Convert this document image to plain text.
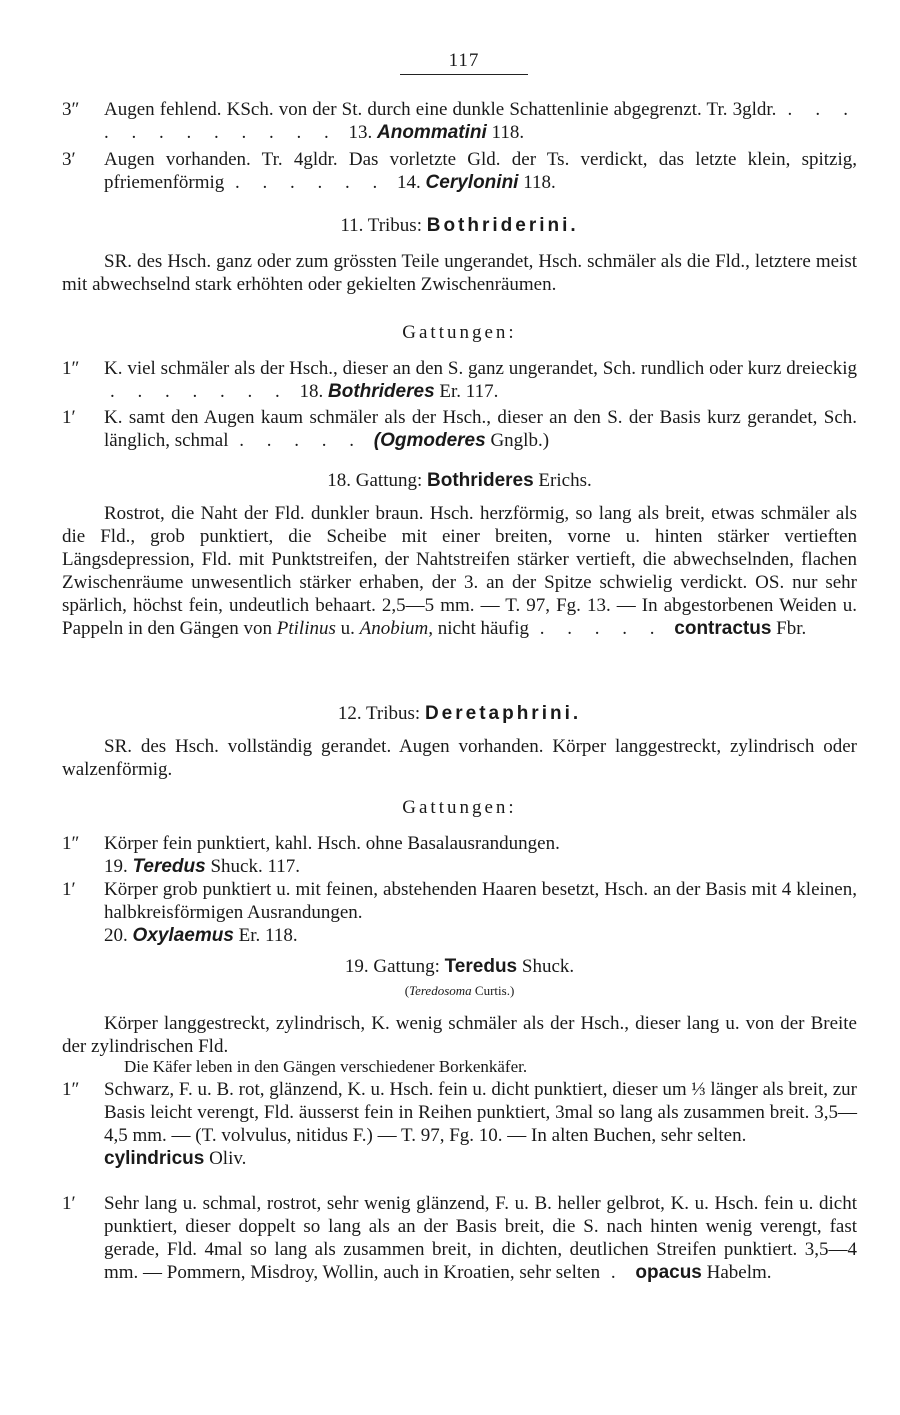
117
3″	Augen fehlend. KSch. von der St. durch eine dunkle Schattenlinie abgegrenzt. Tr. 3gldr. . . . . . . . . . . . . 13. Anommatini 118.
3′	Augen vorhanden. Tr. 4gldr. Das vorletzte Gld. der Ts. verdickt, das letzte klein, spitzig, pfriemenförmig . . . . . . 14. Cerylonini 118.
11. Tribus: Bothriderini.
SR. des Hsch. ganz oder zum grössten Teile ungerandet, Hsch. schmäler als die Fld., letztere meist mit abwechselnd stark erhöhten oder gekielten Zwischenräumen.
Gattungen:
1″	K. viel schmäler als der Hsch., dieser an den S. ganz ungerandet, Sch. rundlich oder kurz dreieckig . . . . . . . 18. Bothrideres Er. 117.
1′	K. samt den Augen kaum schmäler als der Hsch., dieser an den S. der Basis kurz gerandet, Sch. länglich, schmal . . . . . (Ogmoderes Gnglb.)
18. Gattung: Bothrideres Erichs.
Rostrot, die Naht der Fld. dunkler braun. Hsch. herzförmig, so lang als breit, etwas schmäler als die Fld., grob punktiert, die Scheibe mit einer breiten, vorne u. hinten stärker vertieften Längsdepression, Fld. mit Punktstreifen, der Nahtstreifen stärker vertieft, die abwechselnden, flachen Zwischenräume unwesentlich stärker erhaben, der 3. an der Spitze schwielig verdickt. OS. nur sehr spärlich, höchst fein, undeutlich behaart. 2,5—5 mm. — T. 97, Fg. 13. — In abgestorbenen Weiden u. Pappeln in den Gängen von Ptilinus u. Anobium, nicht häufig . . . . . contractus Fbr.
12. Tribus: Deretaphrini.
SR. des Hsch. vollständig gerandet. Augen vorhanden. Körper langgestreckt, zylindrisch oder walzenförmig.
Gattungen:
1″	Körper fein punktiert, kahl. Hsch. ohne Basalausrandungen.
19. Teredus Shuck. 117.
1′	Körper grob punktiert u. mit feinen, abstehenden Haaren besetzt, Hsch. an der Basis mit 4 kleinen, halbkreisförmigen Ausrandungen.
20. Oxylaemus Er. 118.
19. Gattung: Teredus Shuck.
(Teredosoma Curtis.)
Körper langgestreckt, zylindrisch, K. wenig schmäler als der Hsch., dieser lang u. von der Breite der zylindrischen Fld.
Die Käfer leben in den Gängen verschiedener Borkenkäfer.
1″	Schwarz, F. u. B. rot, glänzend, K. u. Hsch. fein u. dicht punktiert, dieser um ⅓ länger als breit, zur Basis leicht verengt, Fld. äusserst fein in Reihen punktiert, 3mal so lang als zusammen breit. 3,5—4,5 mm. — (T. volvulus, nitidus F.) — T. 97, Fg. 10. — In alten Buchen, sehr selten.
cylindricus Oliv.
1′	Sehr lang u. schmal, rostrot, sehr wenig glänzend, F. u. B. heller gelbrot, K. u. Hsch. fein u. dicht punktiert, dieser doppelt so lang als an der Basis breit, die S. nach hinten wenig verengt, fast gerade, Fld. 4mal so lang als zusammen breit, in dichten, deutlichen Streifen punktiert. 3,5—4 mm. — Pommern, Misdroy, Wollin, auch in Kroatien, sehr selten . opacus Habelm.
